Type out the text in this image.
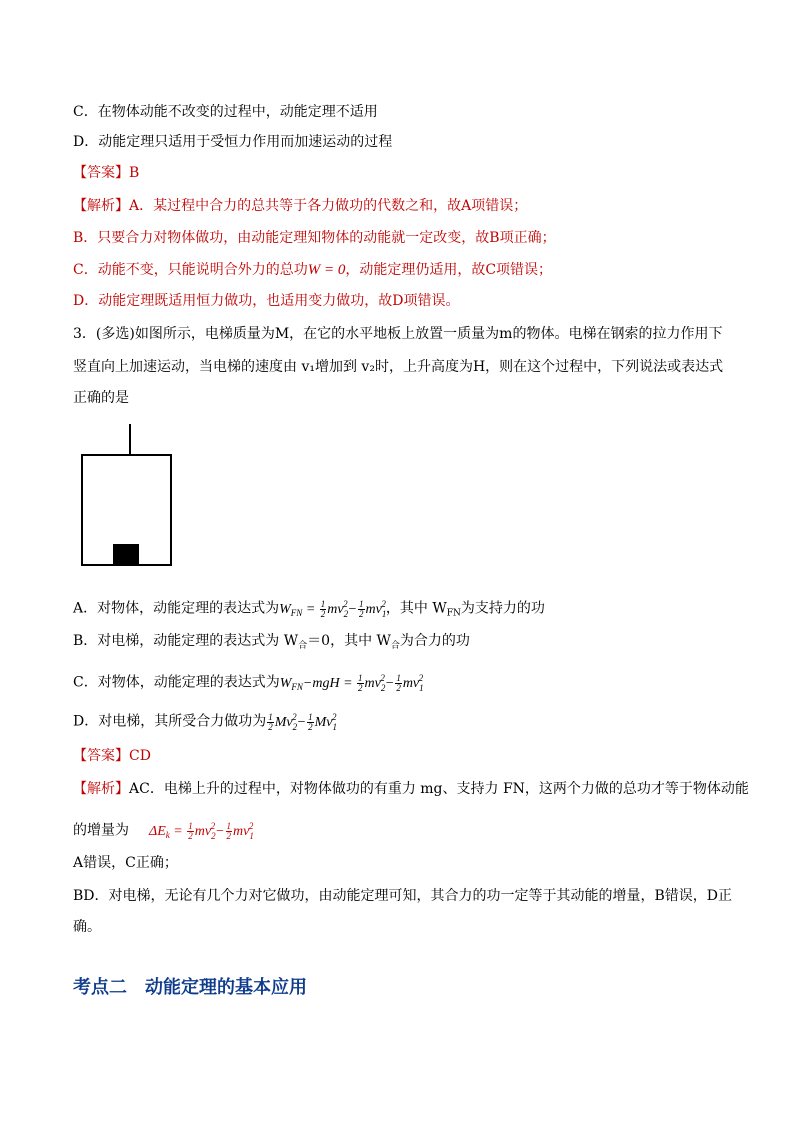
C．在物体动能不改变的过程中，动能定理不适用
D．动能定理只适用于受恒力作用而加速运动的过程
【答案】B
【解析】A．某过程中合力的总共等于各力做功的代数之和，故A项错误；
B．只要合力对物体做功，由动能定理知物体的动能就一定改变，故B项正确；
C．动能不变，只能说明合外力的总功W = 0，动能定理仍适用，故C项错误；
D．动能定理既适用恒力做功，也适用变力做功，故D项错误。
3．(多选)如图所示，电梯质量为M，在它的水平地板上放置一质量为m的物体。电梯在钢索的拉力作用下
竖直向上加速运动，当电梯的速度由 v₁增加到 v₂时，上升高度为H，则在这个过程中，下列说法或表达式
正确的是
A．对物体，动能定理的表达式为$W_{FN} = \frac{1}{2} mv_2^2- \frac{1}{2} mv_1^2$，其中 $W_{FN}$为支持力的功
B．对电梯，动能定理的表达式为 $W_合=0$，其中 $W_合$为合力的功
C．对物体，动能定理的表达式为$W_{FN}-mgH = \frac{1}{2} mv_2^2- \frac{1}{2} mv_1^2$
D．对电梯，其所受合力做功为 $\frac{1}{2} Mv_2^2- \frac{1}{2} Mv_1^2$
【答案】CD
【解析】AC．电梯上升的过程中，对物体做功的有重力 mg、支持力 FN，这两个力做的总功才等于物体动能
的增量为 $\Delta E_k = \frac{1}{2} mv_2^2- \frac{1}{2} mv_1^2$
A错误，C正确；
BD．对电梯，无论有几个力对它做功，由动能定理可知，其合力的功一定等于其动能的增量，B错误，D正
确。
考点二　动能定理的基本应用
